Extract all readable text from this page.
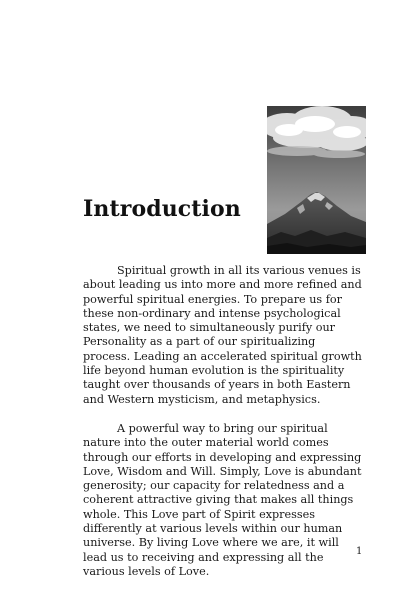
Introduction

Spiritual growth in all its various venues is about leading us into more and more refined and powerful spiritual energies. To prepare us for these non-ordinary and intense psychological states, we need to simultaneously purify our Personality as a part of our spiritualizing process. Leading an accelerated spiritual growth life beyond human evolution is the spirituality taught over thousands of years in both Eastern and Western mysticism, and metaphysics.

A powerful way to bring our spiritual nature into the outer material world comes through our efforts in developing and expressing Love, Wisdom and Will. Simply, Love is abundant generosity; our capacity for relatedness and a coherent attractive giving that makes all things whole. This Love part of Spirit expresses differently at various levels within our human universe. By living Love where we are, it will lead us to receiving and expressing all the various levels of Love.

1
